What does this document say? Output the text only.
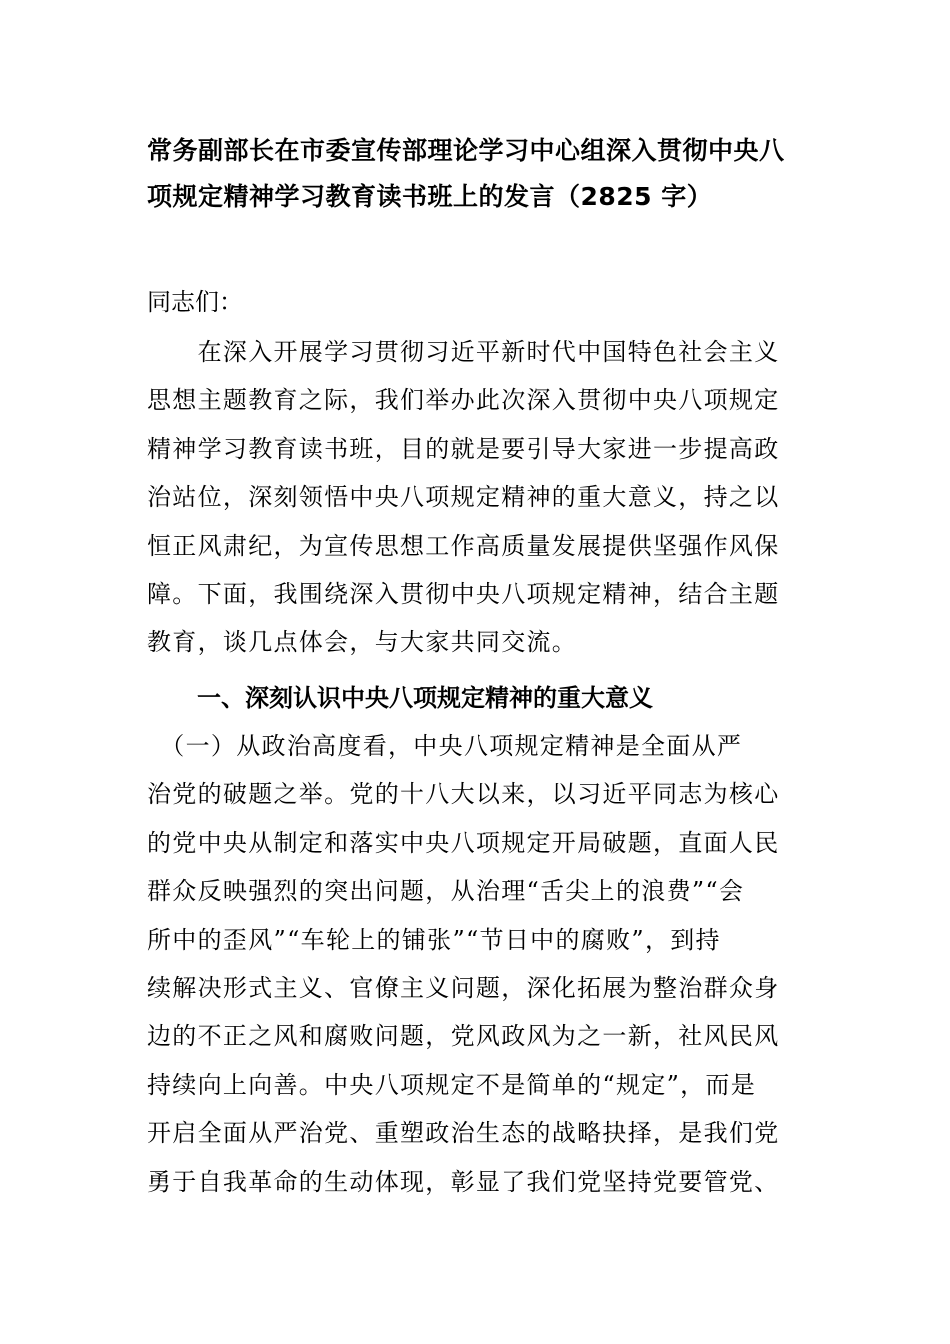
常务副部长在市委宣传部理论学习中心组深入贯彻中央八
项规定精神学习教育读书班上的发言（2825 字）
同志们：
　　在深入开展学习贯彻习近平新时代中国特色社会主义
思想主题教育之际，我们举办此次深入贯彻中央八项规定
精神学习教育读书班，目的就是要引导大家进一步提高政
治站位，深刻领悟中央八项规定精神的重大意义，持之以
恒正风肃纪，为宣传思想工作高质量发展提供坚强作风保
障。下面，我围绕深入贯彻中央八项规定精神，结合主题
教育，谈几点体会，与大家共同交流。
一、深刻认识中央八项规定精神的重大意义
　（一）从政治高度看，中央八项规定精神是全面从严
治党的破题之举。党的十八大以来，以习近平同志为核心
的党中央从制定和落实中央八项规定开局破题，直面人民
群众反映强烈的突出问题，从治理“舌尖上的浪费”“会
所中的歪风”“车轮上的铺张”“节日中的腐败”，到持
续解决形式主义、官僚主义问题，深化拓展为整治群众身
边的不正之风和腐败问题，党风政风为之一新，社风民风
持续向上向善。中央八项规定不是简单的“规定”，而是
开启全面从严治党、重塑政治生态的战略抉择，是我们党
勇于自我革命的生动体现，彰显了我们党坚持党要管党、
